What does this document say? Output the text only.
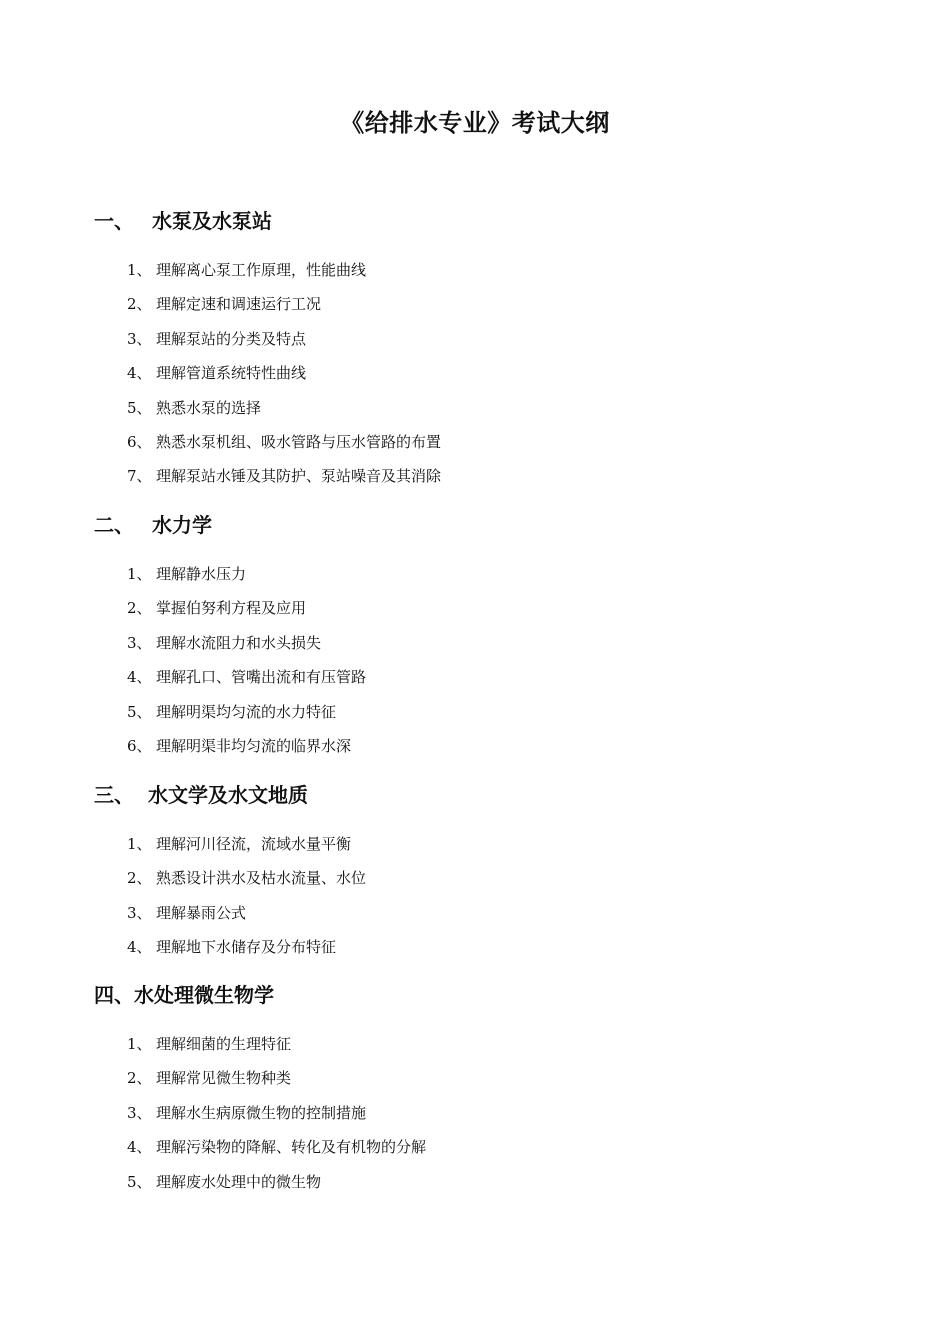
《给排水专业》考试大纲
一、 水泵及水泵站
1、 理解离心泵工作原理，性能曲线
2、 理解定速和调速运行工况
3、 理解泵站的分类及特点
4、 理解管道系统特性曲线
5、 熟悉水泵的选择
6、 熟悉水泵机组、吸水管路与压水管路的布置
7、 理解泵站水锤及其防护、泵站噪音及其消除
二、 水力学
1、 理解静水压力
2、 掌握伯努利方程及应用
3、 理解水流阻力和水头损失
4、 理解孔口、管嘴出流和有压管路
5、 理解明渠均匀流的水力特征
6、 理解明渠非均匀流的临界水深
三、 水文学及水文地质
1、 理解河川径流，流域水量平衡
2、 熟悉设计洪水及枯水流量、水位
3、 理解暴雨公式
4、 理解地下水储存及分布特征
四、水处理微生物学
1、 理解细菌的生理特征
2、 理解常见微生物种类
3、 理解水生病原微生物的控制措施
4、 理解污染物的降解、转化及有机物的分解
5、 理解废水处理中的微生物
